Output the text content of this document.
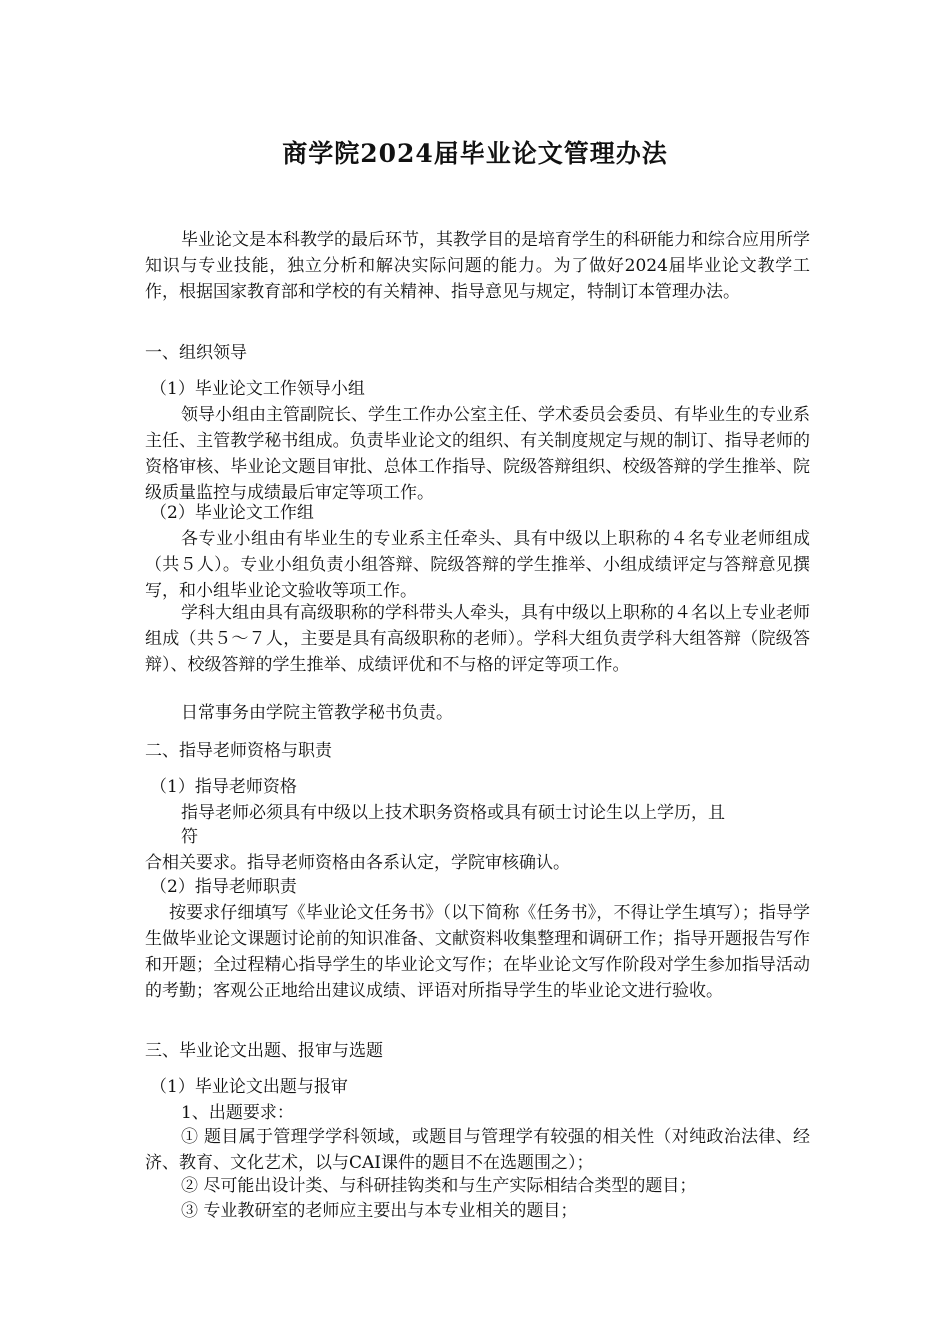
商学院2024届毕业论文管理办法

毕业论文是本科教学的最后环节，其教学目的是培育学生的科研能力和综合应用所学知识与专业技能，独立分析和解决实际问题的能力。为了做好2024届毕业论文教学工作，根据国家教育部和学校的有关精神、指导意见与规定，特制订本管理办法。

一、组织领导

（1）毕业论文工作领导小组

领导小组由主管副院长、学生工作办公室主任、学术委员会委员、有毕业生的专业系主任、主管教学秘书组成。负责毕业论文的组织、有关制度规定与规的制订、指导老师的资格审核、毕业论文题目审批、总体工作指导、院级答辩组织、校级答辩的学生推举、院级质量监控与成绩最后审定等项工作。

（2）毕业论文工作组

各专业小组由有毕业生的专业系主任牵头、具有中级以上职称的４名专业老师组成（共５人）。专业小组负责小组答辩、院级答辩的学生推举、小组成绩评定与答辩意见撰写，和小组毕业论文验收等项工作。

学科大组由具有高级职称的学科带头人牵头，具有中级以上职称的４名以上专业老师组成（共５～７人，主要是具有高级职称的老师）。学科大组负责学科大组答辩（院级答辩）、校级答辩的学生推举、成绩评优和不与格的评定等项工作。

日常事务由学院主管教学秘书负责。

二、指导老师资格与职责

（1）指导老师资格

指导老师必须具有中级以上技术职务资格或具有硕士讨论生以上学历，且

符

合相关要求。指导老师资格由各系认定，学院审核确认。

（2）指导老师职责

按要求仔细填写《毕业论文任务书》（以下简称《任务书》，不得让学生填写）；指导学生做毕业论文课题讨论前的知识准备、文献资料收集整理和调研工作；指导开题报告写作和开题；全过程精心指导学生的毕业论文写作；在毕业论文写作阶段对学生参加指导活动的考勤；客观公正地给出建议成绩、评语对所指导学生的毕业论文进行验收。

三、毕业论文出题、报审与选题

（1）毕业论文出题与报审

1、出题要求：

① 题目属于管理学学科领域，或题目与管理学有较强的相关性（对纯政治法律、经济、教育、文化艺术，以与CAI课件的题目不在选题围之）；

② 尽可能出设计类、与科研挂钩类和与生产实际相结合类型的题目；

③ 专业教研室的老师应主要出与本专业相关的题目；
